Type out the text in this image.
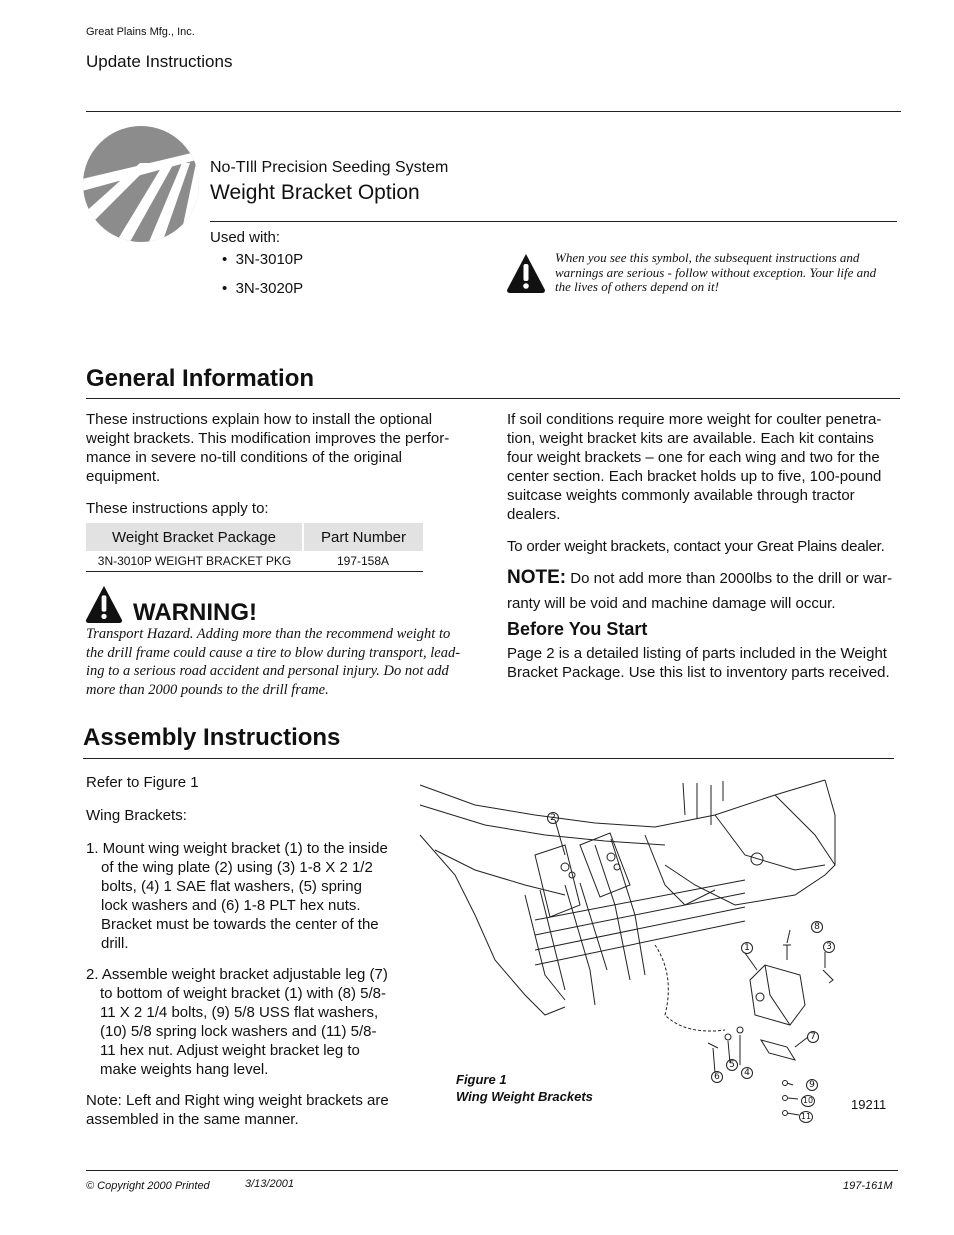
Great Plains Mfg., Inc.
Update Instructions
No-TIll Precision Seeding System
Weight Bracket Option
Used with:
•  3N-3010P
•  3N-3020P
When you see this symbol, the subsequent instructions and
warnings are serious - follow without exception. Your life and
the lives of others depend on it!
General Information
These instructions explain how to install the optional
weight brackets. This modification improves the perfor-
mance in severe no-till conditions of the original
equipment.
These instructions apply to:
Weight Bracket Package	Part Number
3N-3010P WEIGHT BRACKET PKG	197-158A
WARNING!
Transport Hazard. Adding more than the recommend weight to
the drill frame could cause a tire to blow during transport, lead-
ing to a serious road accident and personal injury. Do not add
more than 2000 pounds to the drill frame.
If soil conditions require more weight for coulter penetra-
tion, weight bracket kits are available. Each kit contains
four weight brackets – one for each wing and two for the
center section. Each bracket holds up to five, 100-pound
suitcase weights commonly available through tractor
dealers.
To order weight brackets, contact your Great Plains dealer.
NOTE: Do not add more than 2000lbs to the drill or war-
ranty will be void and machine damage will occur.
Before You Start
Page 2 is a detailed listing of parts included in the Weight
Bracket Package. Use this list to inventory parts received.
Assembly Instructions
Refer to Figure 1
Wing Brackets:
1. Mount wing weight bracket (1) to the inside
of the wing plate (2) using (3) 1-8 X 2 1/2
bolts, (4) 1 SAE flat washers, (5) spring
lock washers and (6) 1-8 PLT hex nuts.
Bracket must be towards the center of the
drill.
2. Assemble weight bracket adjustable leg (7)
to bottom of weight bracket (1) with (8) 5/8-
11 X 2 1/4 bolts, (9) 5/8 USS flat washers,
(10) 5/8 spring lock washers and (11) 5/8-
11 hex nut. Adjust weight bracket leg to
make weights hang level.
Note: Left and Right wing weight brackets are
assembled in the same manner.
2
1
8
3
7
4
5
6
9
10
11
Figure 1
Wing Weight Brackets
19211
© Copyright 2000 Printed	3/13/2001	197-161M
